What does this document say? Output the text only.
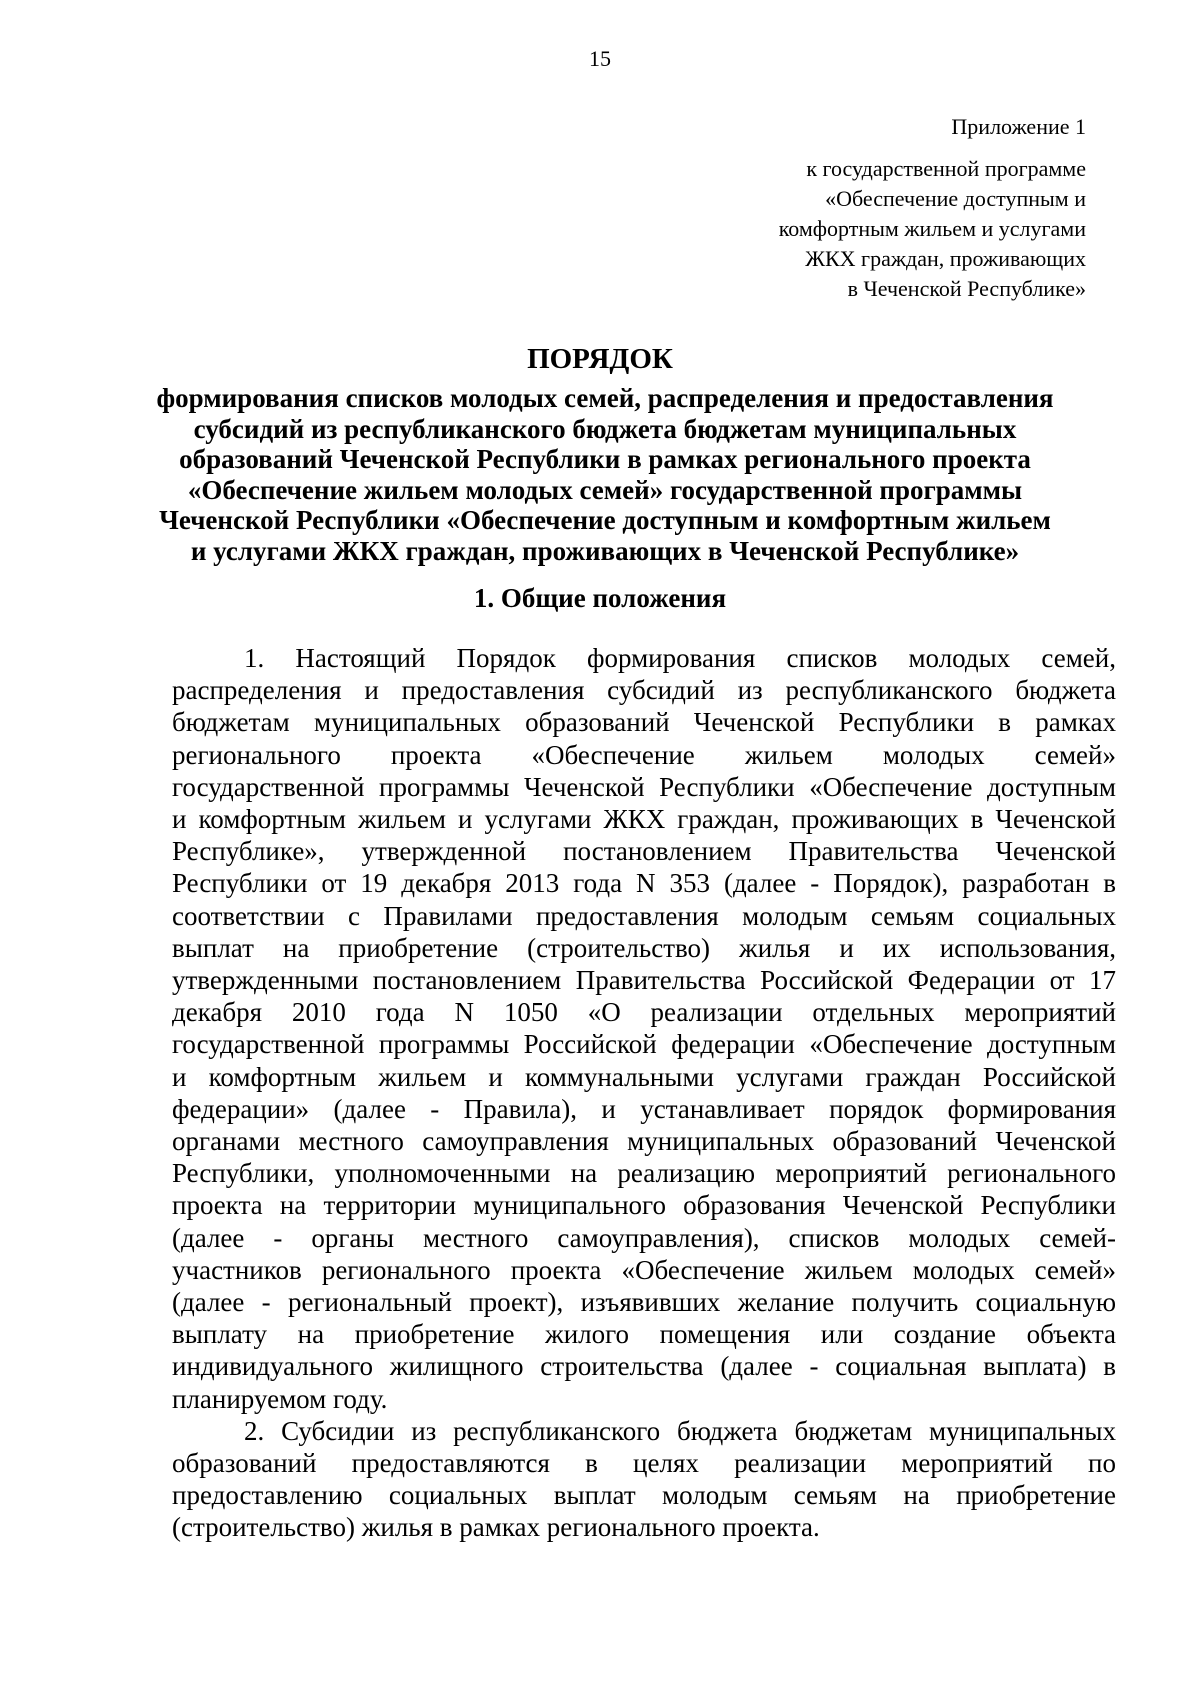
15
Приложение 1
к государственной программе
«Обеспечение доступным и
комфортным жильем и услугами
ЖКХ граждан, проживающих
в Чеченской Республике»
ПОРЯДОК
формирования списков молодых семей, распределения и предоставления
субсидий из республиканского бюджета бюджетам муниципальных
образований Чеченской Республики в рамках регионального проекта
«Обеспечение жильем молодых семей» государственной программы
Чеченской Республики «Обеспечение доступным и комфортным жильем
и услугами ЖКХ граждан, проживающих в Чеченской Республике»
1. Общие положения

1. Настоящий Порядок формирования списков молодых семей,
распределения и предоставления субсидий из республиканского бюджета
бюджетам муниципальных образований Чеченской Республики в рамках
регионального проекта «Обеспечение жильем молодых семей»
государственной программы Чеченской Республики «Обеспечение доступным
и комфортным жильем и услугами ЖКХ граждан, проживающих в Чеченской
Республике», утвержденной постановлением Правительства Чеченской
Республики от 19 декабря 2013 года N 353 (далее - Порядок), разработан в
соответствии с Правилами предоставления молодым семьям социальных
выплат на приобретение (строительство) жилья и их использования,
утвержденными постановлением Правительства Российской Федерации от 17
декабря 2010 года N 1050 «О реализации отдельных мероприятий
государственной программы Российской федерации «Обеспечение доступным
и комфортным жильем и коммунальными услугами граждан Российской
федерации» (далее - Правила), и устанавливает порядок формирования
органами местного самоуправления муниципальных образований Чеченской
Республики, уполномоченными на реализацию мероприятий регионального
проекта на территории муниципального образования Чеченской Республики
(далее - органы местного самоуправления), списков молодых семей-
участников регионального проекта «Обеспечение жильем молодых семей»
(далее - региональный проект), изъявивших желание получить социальную
выплату на приобретение жилого помещения или создание объекта
индивидуального жилищного строительства (далее - социальная выплата) в
планируемом году.

2. Субсидии из республиканского бюджета бюджетам муниципальных
образований предоставляются в целях реализации мероприятий по
предоставлению социальных выплат молодым семьям на приобретение
(строительство) жилья в рамках регионального проекта.
